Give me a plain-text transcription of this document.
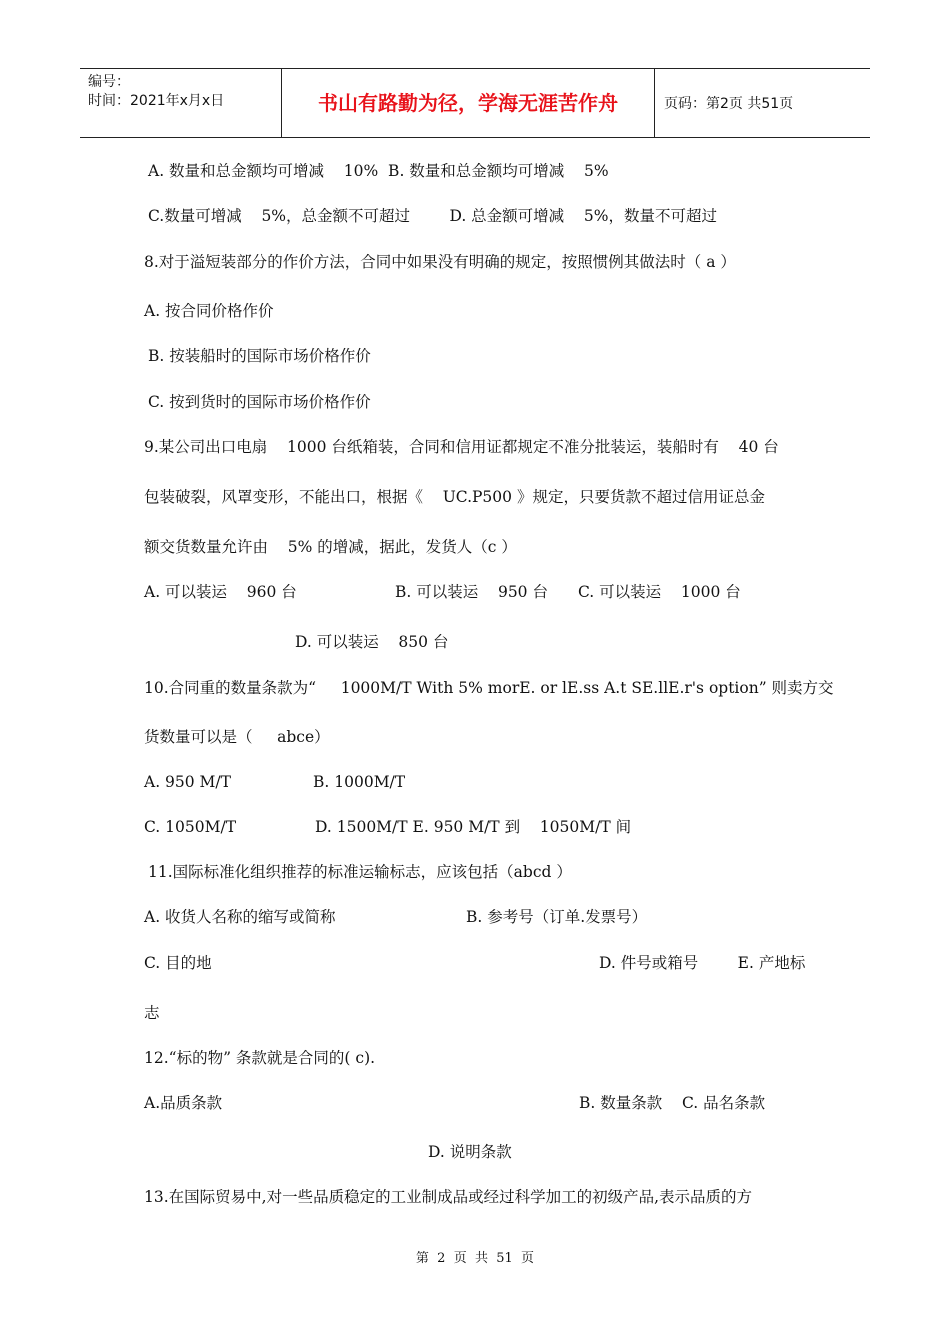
编号：
时间：2021年x月x日	书山有路勤为径，学海无涯苦作舟	页码：第2页 共51页
A. 数量和总金额均可增减    10%  B. 数量和总金额均可增减    5%
C.数量可增减    5%，总金额不可超过        D. 总金额可增减    5%，数量不可超过
8.对于溢短装部分的作价方法，合同中如果没有明确的规定，按照惯例其做法时（ a ）
A. 按合同价格作价
B. 按装船时的国际市场价格作价
C. 按到货时的国际市场价格作价
9.某公司出口电扇    1000 台纸箱装，合同和信用证都规定不准分批装运，装船时有    40 台
包装破裂，风罩变形，不能出口，根据《    UC.P500 》规定，只要货款不超过信用证总金
额交货数量允许由    5% 的增减，据此，发货人（c ）
A. 可以装运    960 台	B. 可以装运    950 台 C. 可以装运    1000 台
D. 可以装运    850 台
10.合同重的数量条款为“     1000M/T With 5% morE. or lE.ss A.t SE.llE.r's option” 则卖方交
货数量可以是（     abce）
A. 950 M/T	B. 1000M/T
C. 1050M/T	D. 1500M/T E. 950 M/T 到    1050M/T 间
11.国际标准化组织推荐的标准运输标志，应该包括（abcd ）
A. 收货人名称的缩写或简称	B. 参考号（订单.发票号）
C. 目的地	D. 件号或箱号        E. 产地标
志
12.“标的物” 条款就是合同的( c).
A.品质条款	B. 数量条款    C. 品名条款
D. 说明条款
13.在国际贸易中,对一些品质稳定的工业制成品或经过科学加工的初级产品,表示品质的方
第  2  页  共  51  页
